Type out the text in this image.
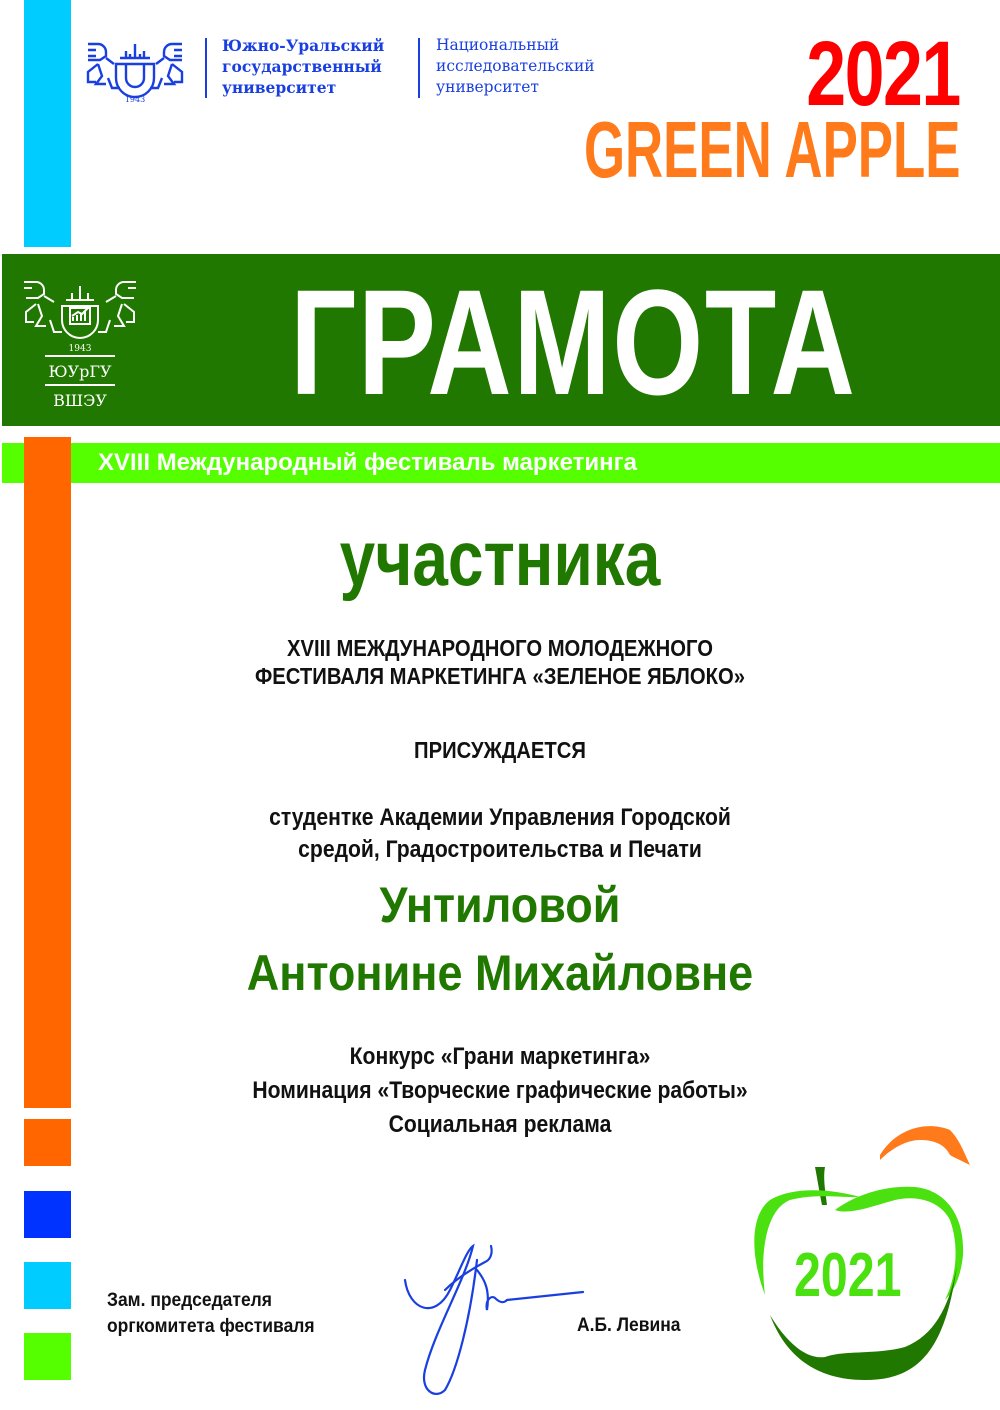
1943
Южно-Уральский
государственный
университет
Национальный
исследовательский
университет	2021
GREEN APPLE
1943
ЮУрГУ
ВШЭУ ГРАМОТА
XVIII Международный фестиваль маркетинга
участника
XVIII МЕЖДУНАРОДНОГО МОЛОДЕЖНОГО
ФЕСТИВАЛЯ МАРКЕТИНГА «ЗЕЛЕНОЕ ЯБЛОКО»
ПРИСУЖДАЕТСЯ
студентке Академии Управления Городской
средой, Градостроительства и Печати
Унтиловой
Антонине Михайловне
Конкурс «Грани маркетинга»
Номинация «Творческие графические работы»
Социальная реклама
Зам. председателя
оргкомитета фестиваля	А.Б. Левина
2021
